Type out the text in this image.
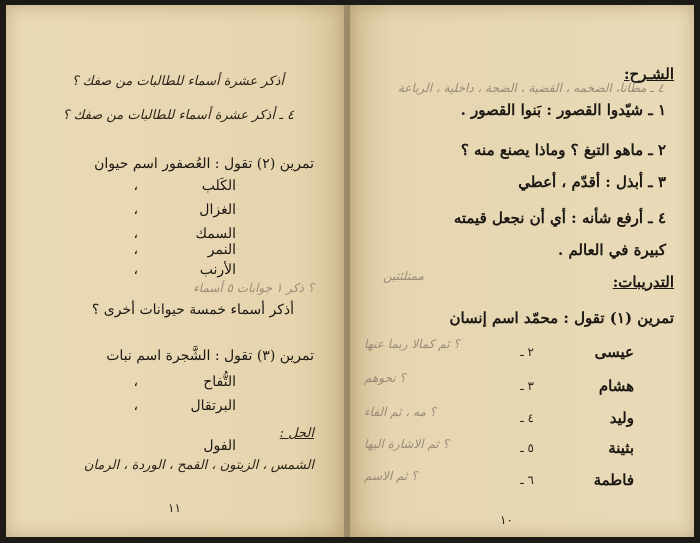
أذكر عشرة أسماء للطالبات من صفك ؟
٤ ـ أذكر عشرة أسماء للطالبات من صفك ؟
تمرين (٢) تقول : العُصفور اسم حيوان
الكَلب
،
الغزال
،
السمك
،
النمر
،
الأرنب
،
؟ ذكر ١ جوابات ٥ أسماء
أذكر أسماء خمسة حيوانات أخرى ؟
تمرين (٣) تقول : الشَّجرة اسم نبات
التُّفاح
،
البرتقال
،
الحل :
الفول
الشمس ، الزيتون ، القمح ، الوردة ، الرمان
١١
الشـرح:
٤ ـ مطانا، الضخمه ، القضية ، الضجة ، داخلية ، الرباعة
١ ـ شيّدوا القصور : بَنوا القصور .
٢ ـ ماهو التبغ ؟ وماذا يصنع منه ؟
٣ ـ أبذل : أقدّم ، أعطي
٤ ـ أرفع شأنه : أي أن نجعل قيمته
كبيرة في العالم .
ممتلئتين	التدريبات:
تمرين (١) تقول : محمّد اسم إنسان
عيسى
٢ ـ
؟ ثم كمالا ربما عنها
هشام
٣ ـ
؟ نحوهم
وليد
٤ ـ
؟ مه ، ثم الفاء
بثينة
٥ ـ
؟ ثم الاشارة اليها
فاطمة
٦ ـ
؟ ثم الاسم
١٠
